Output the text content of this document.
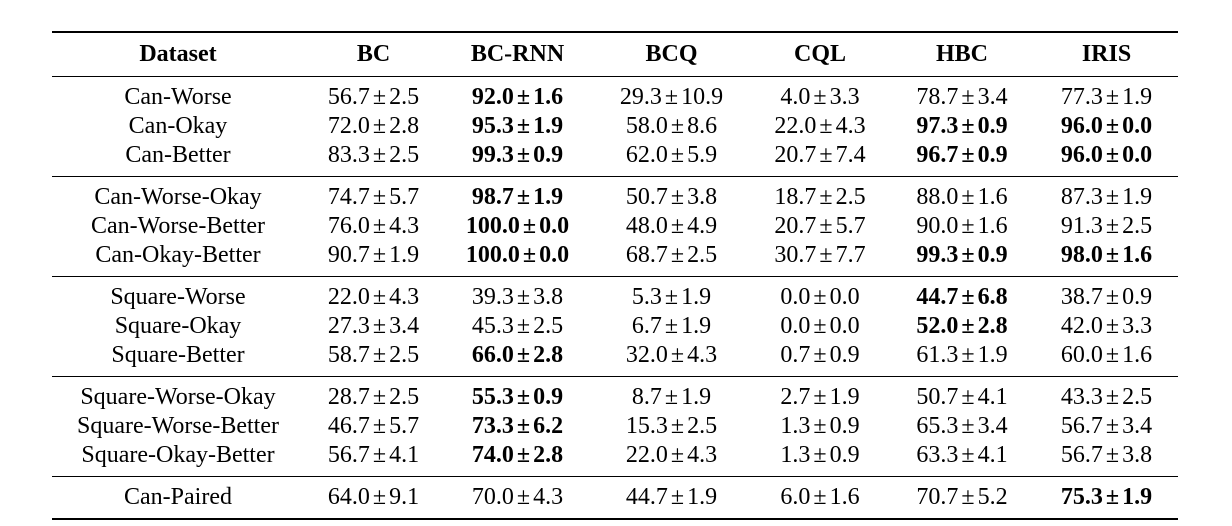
Dataset	BC	BC-RNN	BCQ	CQL	HBC	IRIS
Can-Worse	56.7 ± 2.5	92.0 ± 1.6	29.3 ± 10.9	4.0 ± 3.3	78.7 ± 3.4	77.3 ± 1.9
Can-Okay	72.0 ± 2.8	95.3 ± 1.9	58.0 ± 8.6	22.0 ± 4.3	97.3 ± 0.9	96.0 ± 0.0
Can-Better	83.3 ± 2.5	99.3 ± 0.9	62.0 ± 5.9	20.7 ± 7.4	96.7 ± 0.9	96.0 ± 0.0
Can-Worse-Okay	74.7 ± 5.7	98.7 ± 1.9	50.7 ± 3.8	18.7 ± 2.5	88.0 ± 1.6	87.3 ± 1.9
Can-Worse-Better	76.0 ± 4.3	100.0 ± 0.0	48.0 ± 4.9	20.7 ± 5.7	90.0 ± 1.6	91.3 ± 2.5
Can-Okay-Better	90.7 ± 1.9	100.0 ± 0.0	68.7 ± 2.5	30.7 ± 7.7	99.3 ± 0.9	98.0 ± 1.6
Square-Worse	22.0 ± 4.3	39.3 ± 3.8	5.3 ± 1.9	0.0 ± 0.0	44.7 ± 6.8	38.7 ± 0.9
Square-Okay	27.3 ± 3.4	45.3 ± 2.5	6.7 ± 1.9	0.0 ± 0.0	52.0 ± 2.8	42.0 ± 3.3
Square-Better	58.7 ± 2.5	66.0 ± 2.8	32.0 ± 4.3	0.7 ± 0.9	61.3 ± 1.9	60.0 ± 1.6
Square-Worse-Okay	28.7 ± 2.5	55.3 ± 0.9	8.7 ± 1.9	2.7 ± 1.9	50.7 ± 4.1	43.3 ± 2.5
Square-Worse-Better	46.7 ± 5.7	73.3 ± 6.2	15.3 ± 2.5	1.3 ± 0.9	65.3 ± 3.4	56.7 ± 3.4
Square-Okay-Better	56.7 ± 4.1	74.0 ± 2.8	22.0 ± 4.3	1.3 ± 0.9	63.3 ± 4.1	56.7 ± 3.8
Can-Paired	64.0 ± 9.1	70.0 ± 4.3	44.7 ± 1.9	6.0 ± 1.6	70.7 ± 5.2	75.3 ± 1.9
